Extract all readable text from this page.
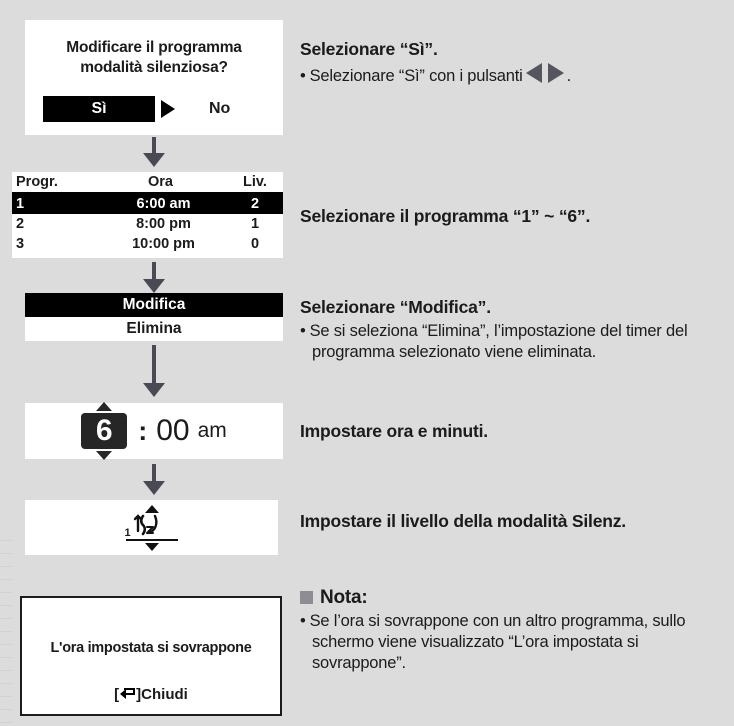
Modificare il programma
modalità silenziosa?
Sì	No
Selezionare “Sì”.

• Selezionare “Sì” con i pulsanti	.

Progr.	Ora	Liv.
1	6:00 am	2
2	8:00 pm	1
3	10:00 pm	0
Selezionare il programma “1” ~ “6”.
Modifica
Elimina
Selezionare “Modifica”.

• Se si seleziona “Elimina”, l’impostazione del timer del programma selezionato viene eliminata.

6 : 00 am	Impostare ora e minuti.
1
Impostare il livello della modalità Silenz.
L'ora impostata si sovrappone
[ ] Chiudi
Nota:

• Se l’ora si sovrappone con un altro programma, sullo schermo viene visualizzato “L’ora impostata si sovrappone”.
